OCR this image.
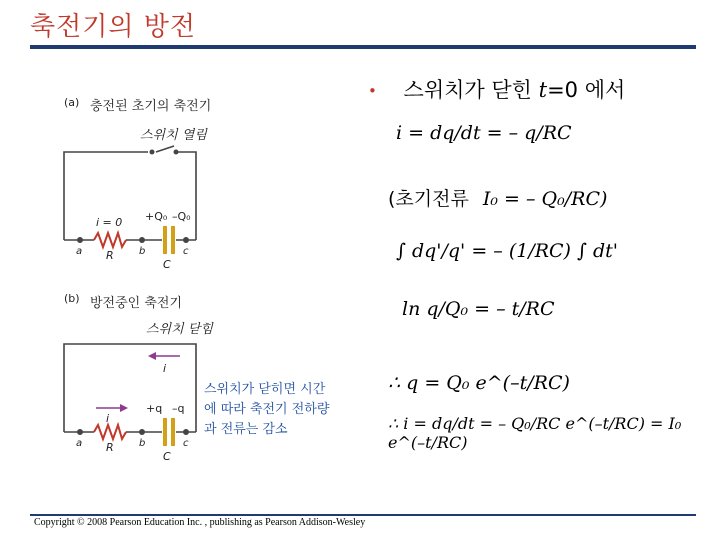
축전기의 방전
(a) 충전된 초기의 축전기
스위치 열림
i = 0 +Q₀ –Q₀
a R	b
C
c
(b) 방전중인 축전기
스위치 닫힘
i
i
+q –q
a R	b
C
c
스위치가 닫히면 시간
에 따라 축전기 전하량
과 전류는 감소
• 스위치가 닫힌 t=0 에서
i = dq/dt = – q/RC
(초기전류 I₀ = – Q₀/RC)
∫ dq'/q' = – (1/RC) ∫ dt'
ln q/Q₀ = – t/RC
∴ q = Q₀ e^(–t/RC)
∴ i = dq/dt = – Q₀/RC e^(–t/RC) = I₀ e^(–t/RC)
Copyright © 2008 Pearson Education Inc. , publishing as Pearson Addison-Wesley
